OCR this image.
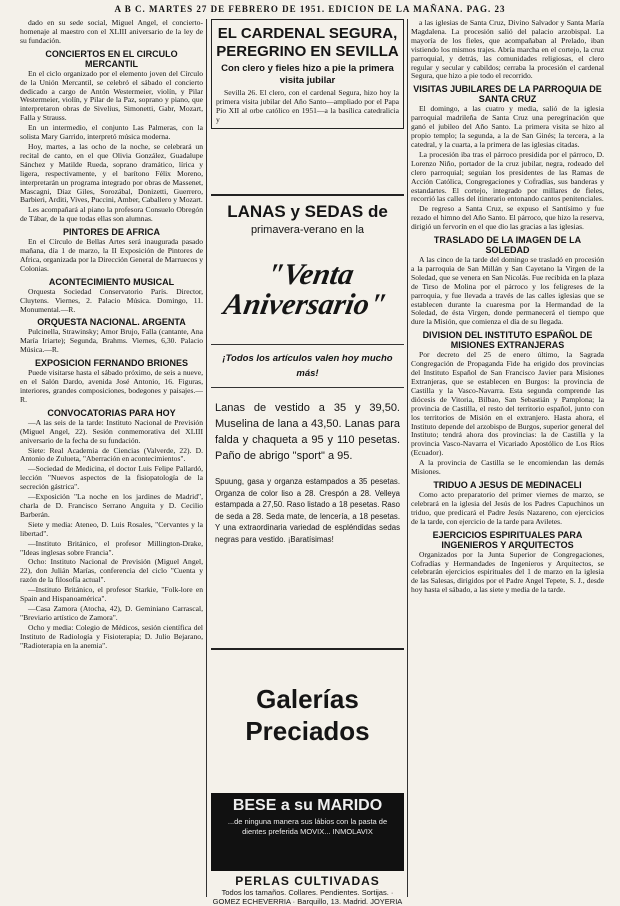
A B C. MARTES 27 DE FEBRERO DE 1951. EDICION DE LA MAÑANA. PAG. 23

dado en su sede social, Miguel Angel, el concierto-homenaje al maestro con el XLIII aniversario de la ley de su fundación.

CONCIERTOS EN EL CIRCULO MERCANTIL

En el ciclo organizado por el elemento joven del Círculo de la Unión Mercantil, se celebró el sábado el concierto dedicado a cargo de Antón Westermeier, violín, y Pilar Westermeier, violín, y Pilar de la Paz, soprano y piano, que interpretaron obras de Sivelius, Simonetti, Gabr, Mozart, Falla y Strauss.

En un intermedio, el conjunto Las Palmeras, con la solista Mary Garrido, interpretó música moderna.

Hoy, martes, a las ocho de la noche, se celebrará un recital de canto, en el que Olivia González, Guadalupe Sánchez y Matilde Rueda, soprano dramático, lírica y ligera, respectivamente, y el barítono Félix Moreno, interpretarán un programa integrado por obras de Massenet, Mascagni, Díaz Giles, Sorozábal, Donizetti, Guerrero, Barbieri, Arditi, Vives, Puccini, Amber, Caballero y Mozart.

Les acompañará al piano la profesora Consuelo Obregón de Tábar, de la que todas ellas son alumnas.

PINTORES DE AFRICA

En el Círculo de Bellas Artes será inaugurada pasado mañana, día 1 de marzo, la II Exposición de Pintores de Africa, organizada por la Dirección General de Marruecos y Colonias.

ACONTECIMIENTO MUSICAL

Orquesta Sociedad Conservatorio París. Director, Cluytens. Viernes, 2. Palacio Música. Domingo, 11. Monumental.—R.

ORQUESTA NACIONAL. ARGENTA

Pulcinella, Strawinsky; Amor Brujo, Falla (cantante, Ana María Iriarte); Segunda, Brahms. Viernes, 6,30. Palacio Música.—R.

EXPOSICION FERNANDO BRIONES

Puede visitarse hasta el sábado próximo, de seis a nueve, en el Salón Dardo, avenida José Antonio, 16. Figuras, interiores, grandes composiciones, bodegones y paisajes.—R.

CONVOCATORIAS PARA HOY

—A las seis de la tarde: Instituto Nacional de Previsión (Miguel Angel, 22). Sesión conmemorativa del XLIII aniversario de la fecha de su fundación.

Siete: Real Academia de Ciencias (Valverde, 22). D. Antonio de Zulueta, "Aberración en acontecimientos".

—Sociedad de Medicina, el doctor Luis Felipe Pallardó, lección "Nuevos aspectos de la fisiopatología de la secreción gástrica".

—Exposición "La noche en los jardines de Madrid", charla de D. Francisco Serrano Anguita y D. Cecilio Barberán.

Siete y media: Ateneo, D. Luis Rosales, "Cervantes y la libertad".

—Instituto Británico, el profesor Millington-Drake, "Ideas inglesas sobre Francia".

Ocho: Instituto Nacional de Previsión (Miguel Angel, 22), don Julián Marías, conferencia del ciclo "Cuenta y razón de la filosofía actual".

—Instituto Británico, el profesor Starkie, "Folk-lore en Spain and Hispanoamérica".

—Casa Zamora (Atocha, 42), D. Geminiano Carrascal, "Breviario artístico de Zamora".

Ocho y media: Colegio de Médicos, sesión científica del Instituto de Radiología y Fisioterapia; D. Julio Bejarano, "Radioterapia en la anemia".

EL CARDENAL SEGURA, PEREGRINO EN SEVILLA
Con clero y fieles hizo a pie la primera visita jubilar

Sevilla 26. El clero, con el cardenal Segura, hizo hoy la primera visita jubilar del Año Santo—ampliado por el Papa Pío XII al orbe católico en 1951—a la basílica catedralicia y

LANAS y SEDAS de
primavera-verano en la
"Venta
Aniversario"
¡Todos los artículos valen hoy mucho más!
Lanas de vestido a 35 y 39,50. Muselina de lana a 43,50. Lanas para falda y chaqueta a 95 y 110 pesetas. Paño de abrigo "sport" a 95.
Spuung, gasa y organza estampados a 35 pesetas. Organza de color liso a 28. Crespón a 28. Velleya estampada a 27,50. Raso listado a 18 pesetas. Raso de seda a 28. Seda mate, de lencería, a 18 pesetas. Y una extraordinaria variedad de espléndidas sedas negras para vestido. ¡Baratísimas!
Galerías
Preciados
BESE a su MARIDO
...de ninguna manera sus lábios con la pasta de dientes preferida MOVIX... INMOLAVIX
PERLAS CULTIVADAS
Todos los tamaños. Collares. Pendientes. Sortijas. · GOMEZ ECHEVERRIA · Barquillo, 13. Madrid. JOYERIA

a las iglesias de Santa Cruz, Divino Salvador y Santa María Magdalena. La procesión salió del palacio arzobispal. La mayoría de los fieles, que acompañaban al Prelado, iban vistiendo los mismos trajes. Abría marcha en el cortejo, la cruz parroquial, y detrás, las comunidades religiosas, el clero regular y secular y cabildos; cerraba la procesión el cardenal Segura, que hizo a pie todo el recorrido.

VISITAS JUBILARES DE LA PARROQUIA DE SANTA CRUZ

El domingo, a las cuatro y media, salió de la iglesia parroquial madrileña de Santa Cruz una peregrinación que ganó el jubileo del Año Santo. La primera visita se hizo al propio templo; la segunda, a la de San Ginés; la tercera, a la catedral, y la cuarta, a la primera de las iglesias citadas.

La procesión iba tras el párroco presidida por el párroco, D. Lorenzo Niño, portador de la cruz jubilar, negra, rodeado del clero parroquial; seguían los presidentes de las Ramas de Acción Católica, Congregaciones y Cofradías, sus banderas y estandartes. El cortejo, integrado por millares de fieles, recorrió las calles del itinerario entonando cantos penitenciales.

De regreso a Santa Cruz, se expuso el Santísimo y fue rezado el himno del Año Santo. El párroco, que hizo la reserva, dirigió un fervorín en el que dio las gracias a las iglesias.

TRASLADO DE LA IMAGEN DE LA SOLEDAD

A las cinco de la tarde del domingo se trasladó en procesión a la parroquia de San Millán y San Cayetano la Virgen de la Soledad, que se venera en San Nicolás. Fue recibida en la plaza de Tirso de Molina por el párroco y los feligreses de la parroquia, y fue llevada a través de las calles iglesias que se establecen durante la cuaresma por la Hermandad de la Soledad, de ésta Virgen, donde permanecerá el tiempo que dure la Misión, que comienza el día de su llegada.

DIVISION DEL INSTITUTO ESPAÑOL DE MISIONES EXTRANJERAS

Por decreto del 25 de enero último, la Sagrada Congregación de Propaganda Fide ha erigido dos provincias del Instituto Español de San Francisco Javier para Misiones Extranjeras, que se establecen en Burgos: la provincia de Castilla y la Vasco-Navarra. Esta segunda comprende las diócesis de Vitoria, Bilbao, San Sebastián y Pamplona; la provincia de Castilla, el resto del territorio español, junto con los territorios de Misión en el extranjero. Hasta ahora, el Instituto depende del arzobispo de Burgos, superior general del Instituto; tendrá ahora dos provincias: la de Castilla y la provincia Vasco-Navarra el Vicariado Apostólico de Los Ríos (Ecuador).

A la provincia de Castilla se le encomiendan las demás Misiones.

TRIDUO A JESUS DE MEDINACELI

Como acto preparatorio del primer viernes de marzo, se celebrará en la iglesia del Jesús de los Padres Capuchinos un triduo, que predicará el Padre Jesús Nazareno, con ejercicios de la tarde, con ejercicio de la tarde para Aviletes.

EJERCICIOS ESPIRITUALES PARA INGENIEROS Y ARQUITECTOS

Organizados por la Junta Superior de Congregaciones, Cofradías y Hermandades de Ingenieros y Arquitectos, se celebrarán ejercicios espirituales del 1 de marzo en la iglesia de las Salesas, dirigidos por el Padre Angel Tepete, S. J., desde hoy hasta el sábado, a las siete y media de la tarde.
